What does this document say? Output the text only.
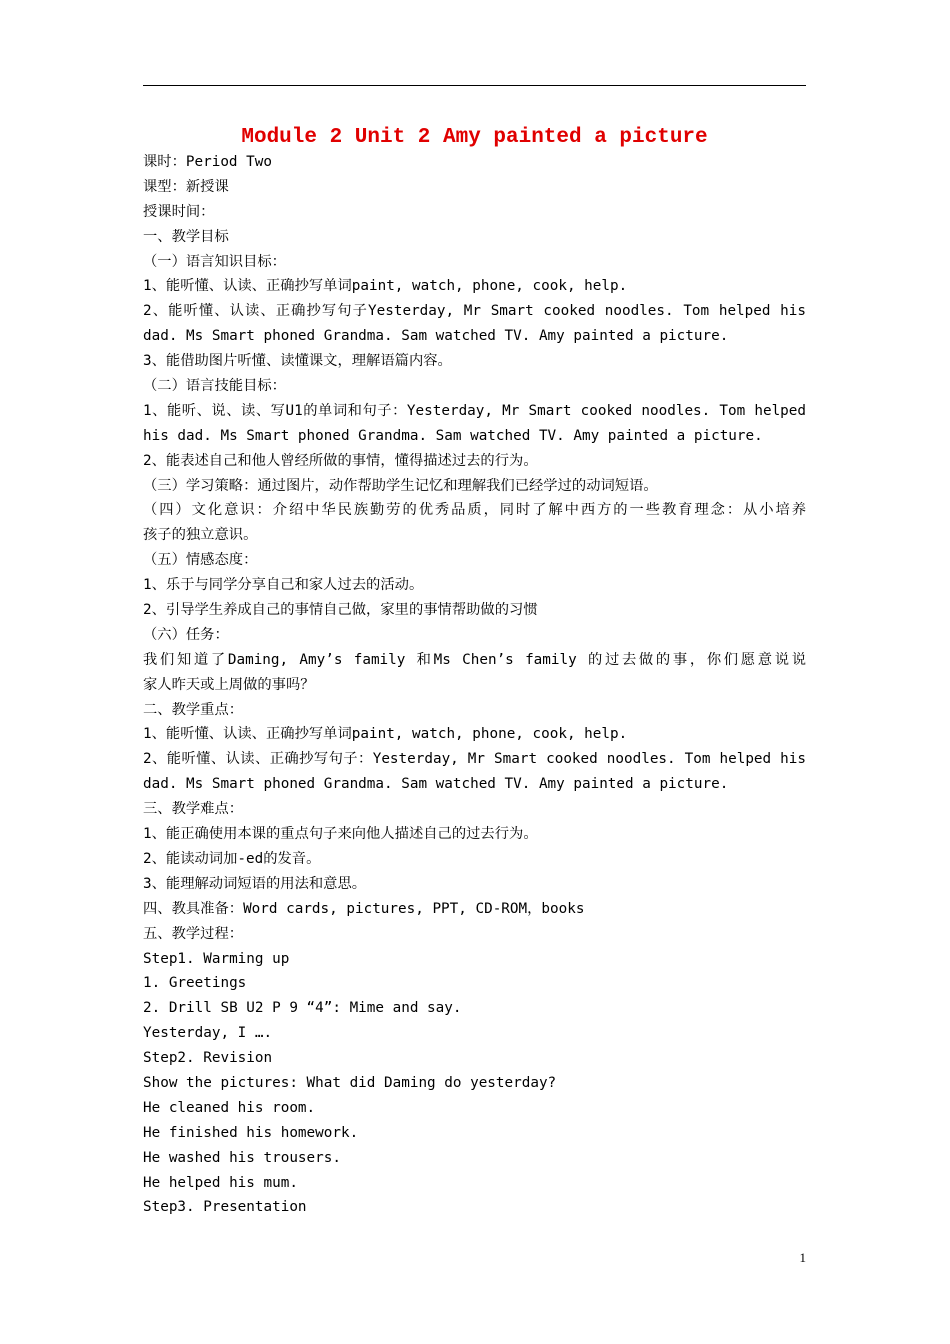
Module 2 Unit 2 Amy painted a picture
课时：Period Two
课型：新授课
授课时间：
一、教学目标
（一）语言知识目标：
1、能听懂、认读、正确抄写单词paint, watch, phone, cook, help.
2、能听懂、认读、正确抄写句子Yesterday, Mr Smart cooked noodles. Tom helped his
dad. Ms Smart phoned Grandma. Sam watched TV. Amy painted a picture.
3、能借助图片听懂、读懂课文，理解语篇内容。
（二）语言技能目标：
1、能听、说、读、写U1的单词和句子：Yesterday, Mr Smart cooked noodles. Tom helped
his dad. Ms Smart phoned Grandma. Sam watched TV. Amy painted a picture.
2、能表述自己和他人曾经所做的事情，懂得描述过去的行为。
（三）学习策略：通过图片，动作帮助学生记忆和理解我们已经学过的动词短语。
（四）文化意识：介绍中华民族勤劳的优秀品质，同时了解中西方的一些教育理念：从小培养
孩子的独立意识。
（五）情感态度：
1、乐于与同学分享自己和家人过去的活动。
2、引导学生养成自己的事情自己做，家里的事情帮助做的习惯
（六）任务：
我们知道了Daming, Amy’s family 和Ms Chen’s family 的过去做的事，你们愿意说说
家人昨天或上周做的事吗？
二、教学重点：
1、能听懂、认读、正确抄写单词paint, watch, phone, cook, help.
2、能听懂、认读、正确抄写句子：Yesterday, Mr Smart cooked noodles. Tom helped his
dad. Ms Smart phoned Grandma. Sam watched TV. Amy painted a picture.
三、教学难点：
1、能正确使用本课的重点句子来向他人描述自己的过去行为。
2、能读动词加-ed的发音。
3、能理解动词短语的用法和意思。
四、教具准备：Word cards, pictures, PPT, CD-ROM，books
五、教学过程：
Step1. Warming up
1. Greetings
2. Drill SB U2 P 9 “4”: Mime and say.
Yesterday, I ….
Step2. Revision
Show the pictures: What did Daming do yesterday?
He cleaned his room.
He finished his homework.
He washed his trousers.
He helped his mum.
Step3. Presentation
1
